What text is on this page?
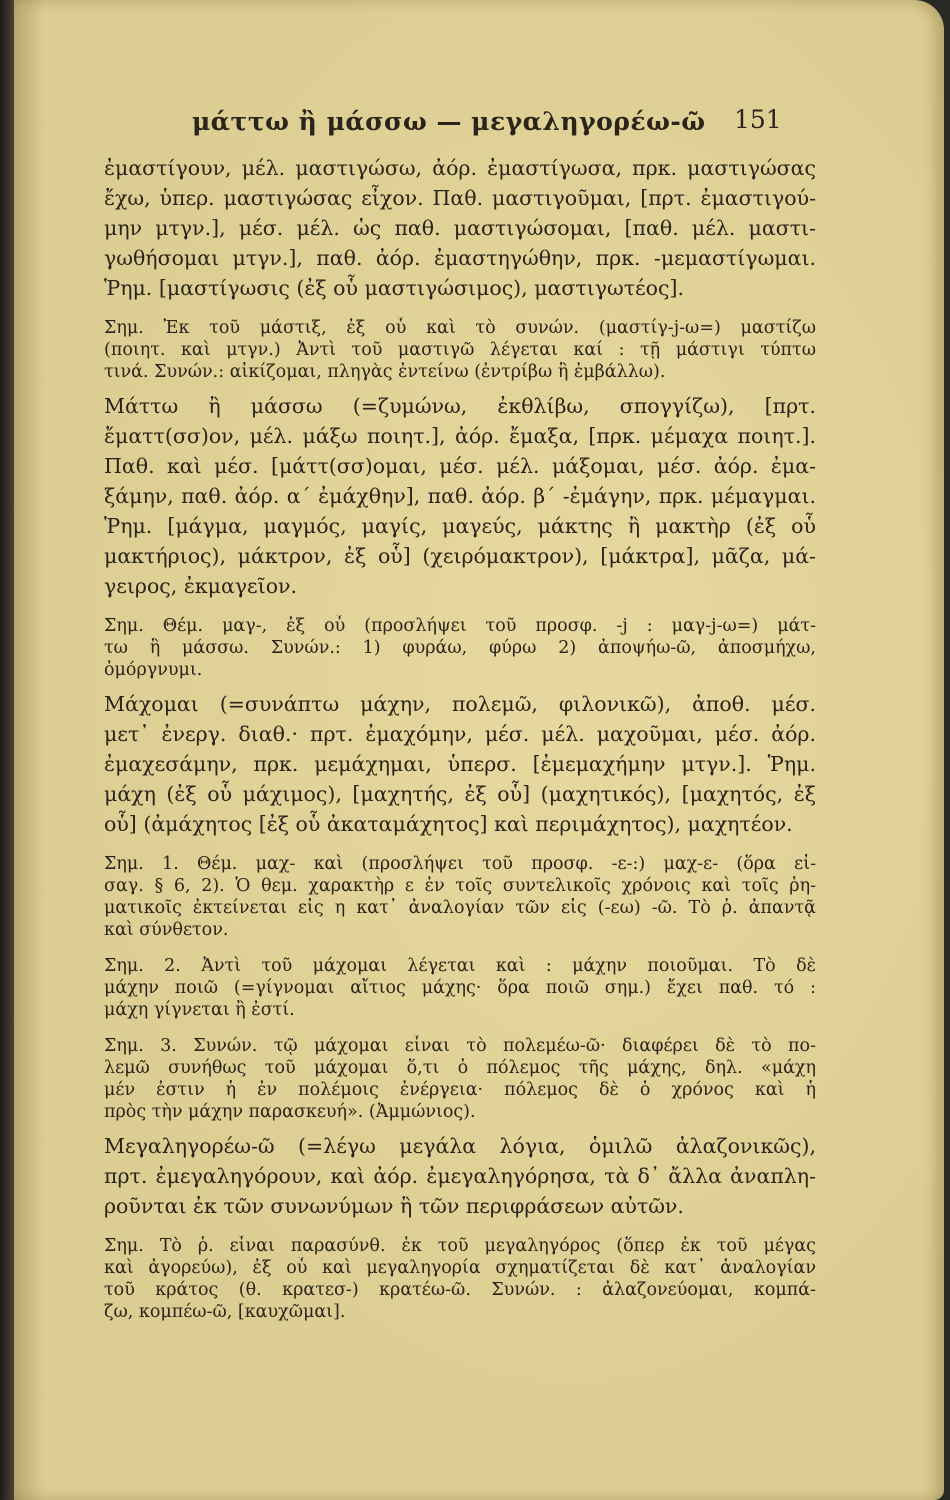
μάττω ἢ μάσσω — μεγαληγορέω-ῶ 151
ἐμαστίγουν, μέλ. μαστιγώσω, ἀόρ. ἐμαστίγωσα, πρκ. μαστιγώσας
ἔχω, ὑπερ. μαστιγώσας εἶχον. Παθ. μαστιγοῦμαι, [πρτ. ἐμαστιγού-
μην μτγν.], μέσ. μέλ. ὡς παθ. μαστιγώσομαι, [παθ. μέλ. μαστι-
γωθήσομαι μτγν.], παθ. ἀόρ. ἐμαστηγώθην, πρκ. -μεμαστίγωμαι.
Ῥημ. [μαστίγωσις (ἐξ οὗ μαστιγώσιμος), μαστιγωτέος].
Σημ. Ἐκ τοῦ μάστιξ, ἐξ οὗ καὶ τὸ συνών. (μαστίγ-j-ω=) μαστίζω
(ποιητ. καὶ μτγν.) Ἀντὶ τοῦ μαστιγῶ λέγεται καί : τῇ μάστιγι τύπτω
τινά. Συνών.: αἰκίζομαι, πληγὰς ἐντείνω (ἐντρίβω ἢ ἐμβάλλω).
Μάττω ἢ μάσσω (=ζυμώνω, ἐκθλίβω, σπογγίζω), [πρτ.
ἔματτ(σσ)ον, μέλ. μάξω ποιητ.], ἀόρ. ἔμαξα, [πρκ. μέμαχα ποιητ.].
Παθ. καὶ μέσ. [μάττ(σσ)ομαι, μέσ. μέλ. μάξομαι, μέσ. ἀόρ. ἐμα-
ξάμην, παθ. ἀόρ. α΄ ἐμάχθην], παθ. ἀόρ. β΄ -ἐμάγην, πρκ. μέμαγμαι.
Ῥημ. [μάγμα, μαγμός, μαγίς, μαγεύς, μάκτης ἢ μακτὴρ (ἐξ οὗ
μακτήριος), μάκτρον, ἐξ οὗ] (χειρόμακτρον), [μάκτρα], μᾶζα, μά-
γειρος, ἐκμαγεῖον.
Σημ. Θέμ. μαγ-, ἐξ οὗ (προσλήψει τοῦ προσφ. -j : μαγ-j-ω=) μάτ-
τω ἢ μάσσω. Συνών.: 1) φυράω, φύρω 2) ἀποψήω-ῶ, ἀποσμήχω,
ὀμόργνυμι.
Μάχομαι (=συνάπτω μάχην, πολεμῶ, φιλονικῶ), ἀποθ. μέσ.
μετ᾽ ἐνεργ. διαθ.· πρτ. ἐμαχόμην, μέσ. μέλ. μαχοῦμαι, μέσ. ἀόρ.
ἐμαχεσάμην, πρκ. μεμάχημαι, ὑπερσ. [ἐμεμαχήμην μτγν.]. Ῥημ.
μάχη (ἐξ οὗ μάχιμος), [μαχητής, ἐξ οὗ] (μαχητικός), [μαχητός, ἐξ
οὗ] (ἀμάχητος [ἐξ οὗ ἀκαταμάχητος] καὶ περιμάχητος), μαχητέον.
Σημ. 1. Θέμ. μαχ- καὶ (προσλήψει τοῦ προσφ. -ε-:) μαχ-ε- (ὅρα εἰ-
σαγ. § 6, 2). Ὁ θεμ. χαρακτὴρ ε ἐν τοῖς συντελικοῖς χρόνοις καὶ τοῖς ῥη-
ματικοῖς ἐκτείνεται εἰς η κατ᾽ ἀναλογίαν τῶν εἰς (-εω) -ῶ. Τὸ ῥ. ἀπαντᾷ
καὶ σύνθετον.
Σημ. 2. Ἀντὶ τοῦ μάχομαι λέγεται καὶ : μάχην ποιοῦμαι. Τὸ δὲ
μάχην ποιῶ (=γίγνομαι αἴτιος μάχης· ὅρα ποιῶ σημ.) ἔχει παθ. τό :
μάχη γίγνεται ἢ ἐστί.
Σημ. 3. Συνών. τῷ μάχομαι εἶναι τὸ πολεμέω-ῶ· διαφέρει δὲ τὸ πο-
λεμῶ συνήθως τοῦ μάχομαι ὅ,τι ὁ πόλεμος τῆς μάχης, δηλ. «μάχη
μέν ἐστιν ἡ ἐν πολέμοις ἐνέργεια· πόλεμος δὲ ὁ χρόνος καὶ ἡ
πρὸς τὴν μάχην παρασκευή». (Ἀμμώνιος).
Μεγαληγορέω-ῶ (=λέγω μεγάλα λόγια, ὁμιλῶ ἀλαζονικῶς),
πρτ. ἐμεγαληγόρουν, καὶ ἀόρ. ἐμεγαληγόρησα, τὰ δ᾽ ἄλλα ἀναπλη-
ροῦνται ἐκ τῶν συνωνύμων ἢ τῶν περιφράσεων αὐτῶν.
Σημ. Τὸ ῥ. εἶναι παρασύνθ. ἐκ τοῦ μεγαληγόρος (ὅπερ ἐκ τοῦ μέγας
καὶ ἀγορεύω), ἐξ οὗ καὶ μεγαληγορία σχηματίζεται δὲ κατ᾽ ἀναλογίαν
τοῦ κράτος (θ. κρατεσ-) κρατέω-ῶ. Συνών. : ἀλαζονεύομαι, κομπά-
ζω, κομπέω-ῶ, [καυχῶμαι].
